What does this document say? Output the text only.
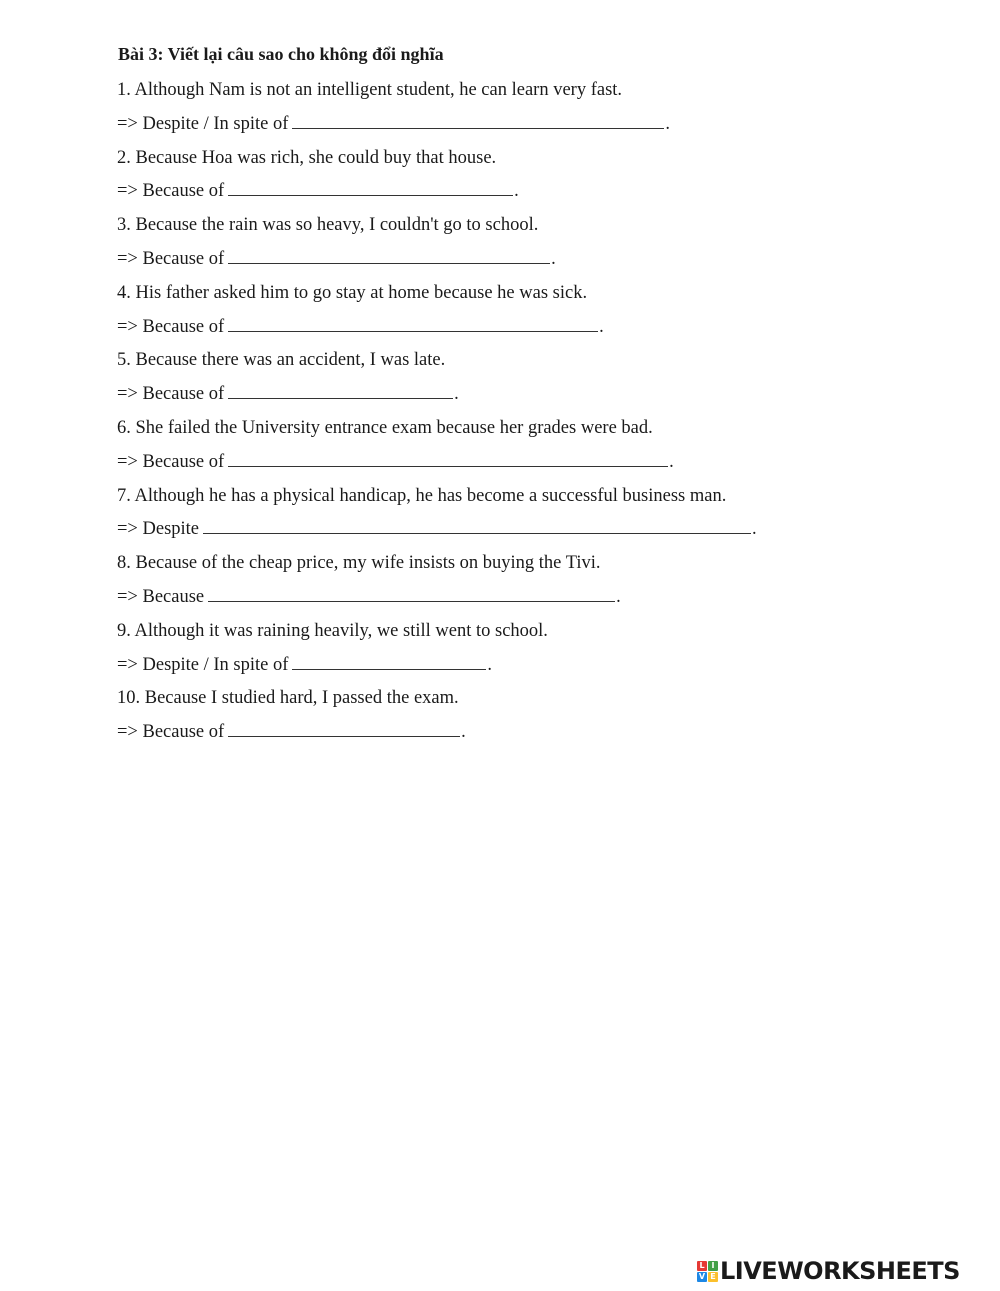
Bài 3: Viết lại câu sao cho không đổi nghĩa
1. Although Nam is not an intelligent student, he can learn very fast.
=> Despite / In spite of	.
2. Because Hoa was rich, she could buy that house.
=> Because of	.
3. Because the rain was so heavy, I couldn't go to school.
=> Because of	.
4. His father asked him to go stay at home because he was sick.
=> Because of	.
5. Because there was an accident, I was late.
=> Because of	.
6. She failed the University entrance exam because her grades were bad.
=> Because of	.
7. Although he has a physical handicap, he has become a successful business man.
=> Despite	.
8. Because of the cheap price, my wife insists on buying the Tivi.
=> Because	.
9. Although it was raining heavily, we still went to school.
=> Despite / In spite of	.
10. Because I studied hard, I passed the exam.
=> Because of	.
L I
V E LIVEWORKSHEETS
